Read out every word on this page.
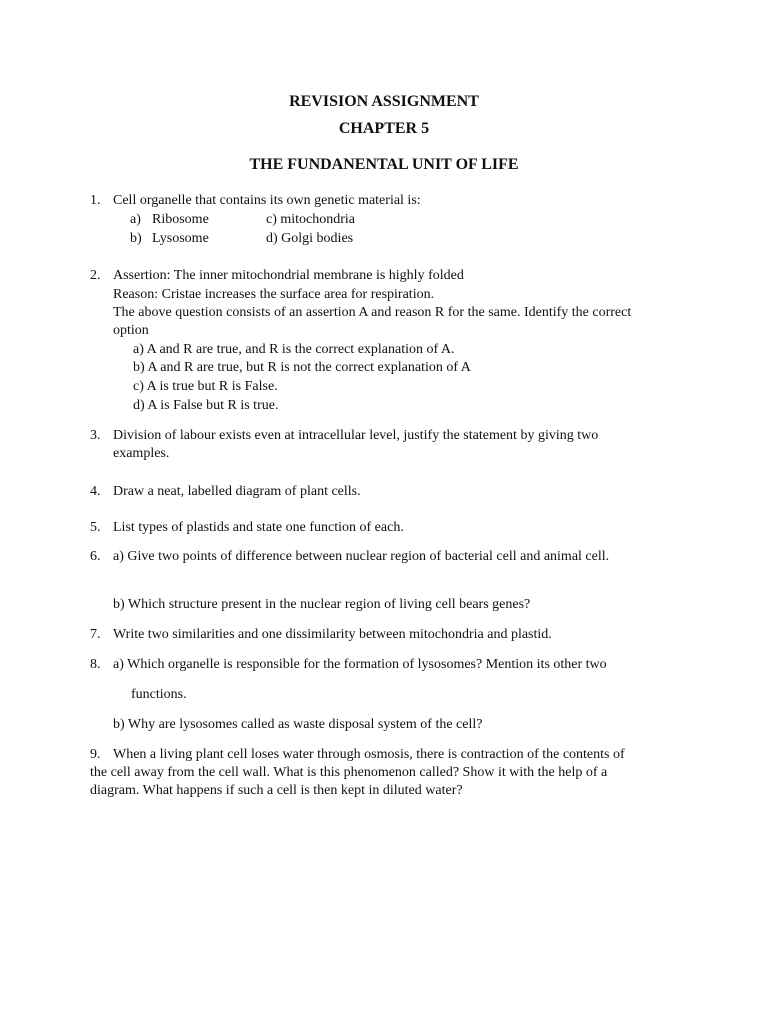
REVISION ASSIGNMENT
CHAPTER 5
THE FUNDANENTAL UNIT OF LIFE
1. Cell organelle that contains its own genetic material is:
a) Ribosome	c) mitochondria
b) Lysosome	d) Golgi bodies
2. Assertion: The inner mitochondrial membrane is highly folded
Reason: Cristae increases the surface area for respiration.
The above question consists of an assertion A and reason R for the same. Identify the correct
option
a) A and R are true, and R is the correct explanation of A.
b) A and R are true, but R is not the correct explanation of A
c) A is true but R is False.
d) A is False but R is true.
3. Division of labour exists even at intracellular level, justify the statement by giving two
examples.
4. Draw a neat, labelled diagram of plant cells.
5. List types of plastids and state one function of each.
6. a) Give two points of difference between nuclear region of bacterial cell and animal cell.
b) Which structure present in the nuclear region of living cell bears genes?
7. Write two similarities and one dissimilarity between mitochondria and plastid.
8. a) Which organelle is responsible for the formation of lysosomes? Mention its other two
functions.
b) Why are lysosomes called as waste disposal system of the cell?
9. When a living plant cell loses water through osmosis, there is contraction of the contents of
the cell away from the cell wall. What is this phenomenon called? Show it with the help of a
diagram. What happens if such a cell is then kept in diluted water?
